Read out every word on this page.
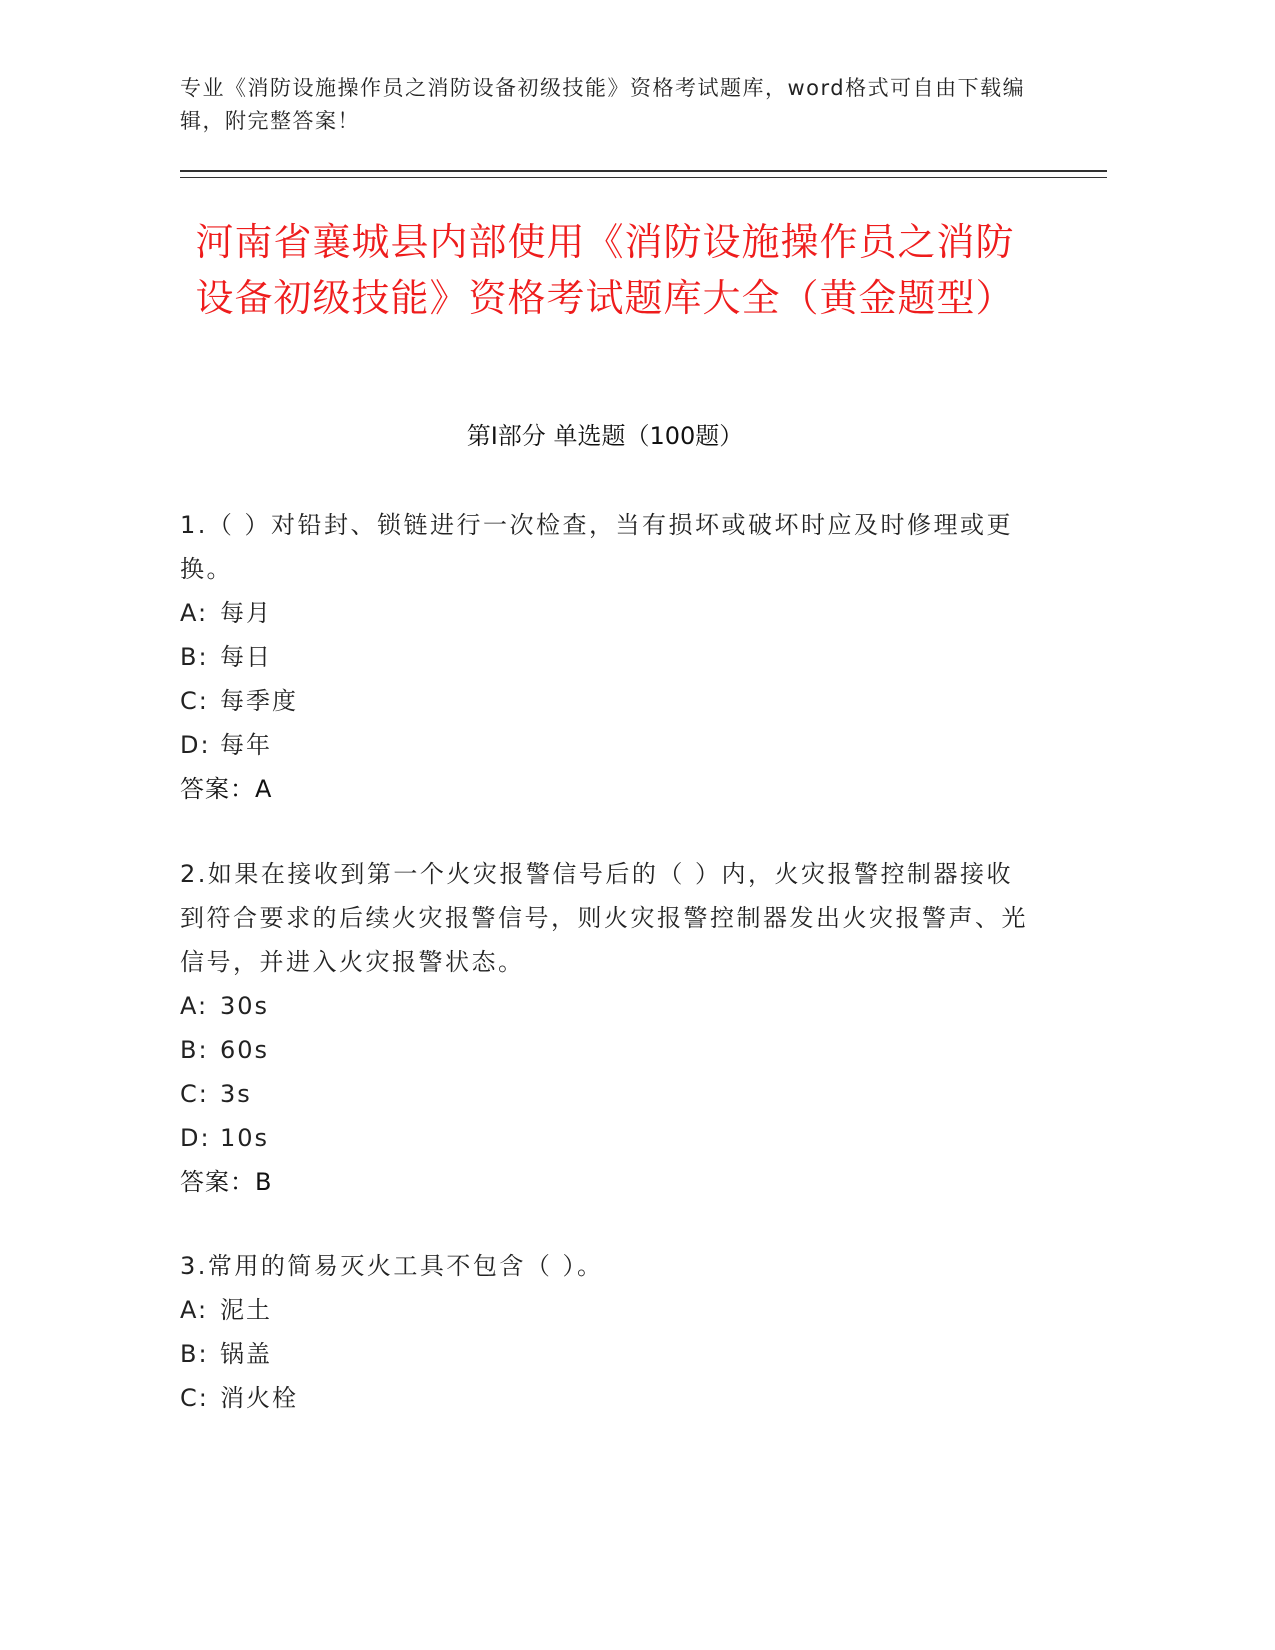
专业《消防设施操作员之消防设备初级技能》资格考试题库，word格式可自由下载编辑，附完整答案！
河南省襄城县内部使用《消防设施操作员之消防设备初级技能》资格考试题库大全（黄金题型）
第I部分 单选题（100题）
1.（ ）对铅封、锁链进行一次检查，当有损坏或破坏时应及时修理或更换。
A: 每月
B: 每日
C: 每季度
D: 每年
答案：A
2.如果在接收到第一个火灾报警信号后的（ ）内，火灾报警控制器接收到符合要求的后续火灾报警信号，则火灾报警控制器发出火灾报警声、光信号，并进入火灾报警状态。
A: 30s
B: 60s
C: 3s
D: 10s
答案：B
3.常用的简易灭火工具不包含（ ）。
A: 泥土
B: 锅盖
C: 消火栓
